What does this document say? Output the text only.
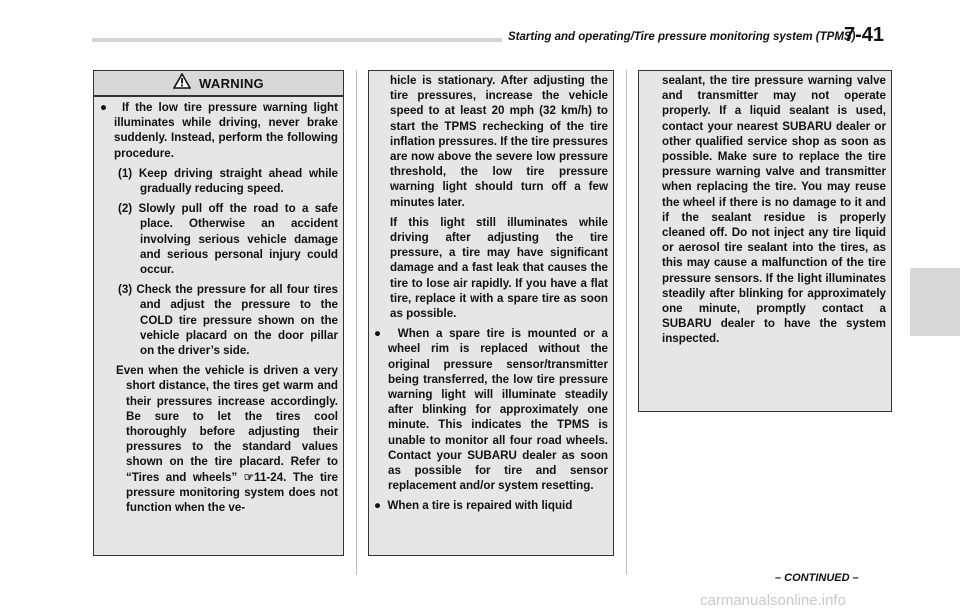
Starting and operating/Tire pressure monitoring system (TPMS)
7-41
WARNING

● If the low tire pressure warning light illuminates while driving, never brake suddenly. Instead, perform the following procedure.

(1) Keep driving straight ahead while gradually reducing speed.

(2) Slowly pull off the road to a safe place. Otherwise an accident involving serious vehicle damage and serious personal injury could occur.

(3) Check the pressure for all four tires and adjust the pressure to the COLD tire pressure shown on the vehicle placard on the door pillar on the driver’s side.

Even when the vehicle is driven a very short distance, the tires get warm and their pressures increase accordingly. Be sure to let the tires cool thoroughly before adjusting their pressures to the standard values shown on the tire placard. Refer to “Tires and wheels” ☞11-24. The tire pressure monitoring system does not function when the ve-

hicle is stationary. After adjusting the tire pressures, increase the vehicle speed to at least 20 mph (32 km/h) to start the TPMS rechecking of the tire inflation pressures. If the tire pressures are now above the severe low pressure threshold, the low tire pressure warning light should turn off a few minutes later.

If this light still illuminates while driving after adjusting the tire pressure, a tire may have significant damage and a fast leak that causes the tire to lose air rapidly. If you have a flat tire, replace it with a spare tire as soon as possible.

● When a spare tire is mounted or a wheel rim is replaced without the original pressure sensor/transmitter being transferred, the low tire pressure warning light will illuminate steadily after blinking for approximately one minute. This indicates the TPMS is unable to monitor all four road wheels. Contact your SUBARU dealer as soon as possible for tire and sensor replacement and/or system resetting.

● When a tire is repaired with liquid

sealant, the tire pressure warning valve and transmitter may not operate properly. If a liquid sealant is used, contact your nearest SUBARU dealer or other qualified service shop as soon as possible. Make sure to replace the tire pressure warning valve and transmitter when replacing the tire. You may reuse the wheel if there is no damage to it and if the sealant residue is properly cleaned off. Do not inject any tire liquid or aerosol tire sealant into the tires, as this may cause a malfunction of the tire pressure sensors. If the light illuminates steadily after blinking for approximately one minute, promptly contact a SUBARU dealer to have the system inspected.

– CONTINUED –
carmanualsonline.info
